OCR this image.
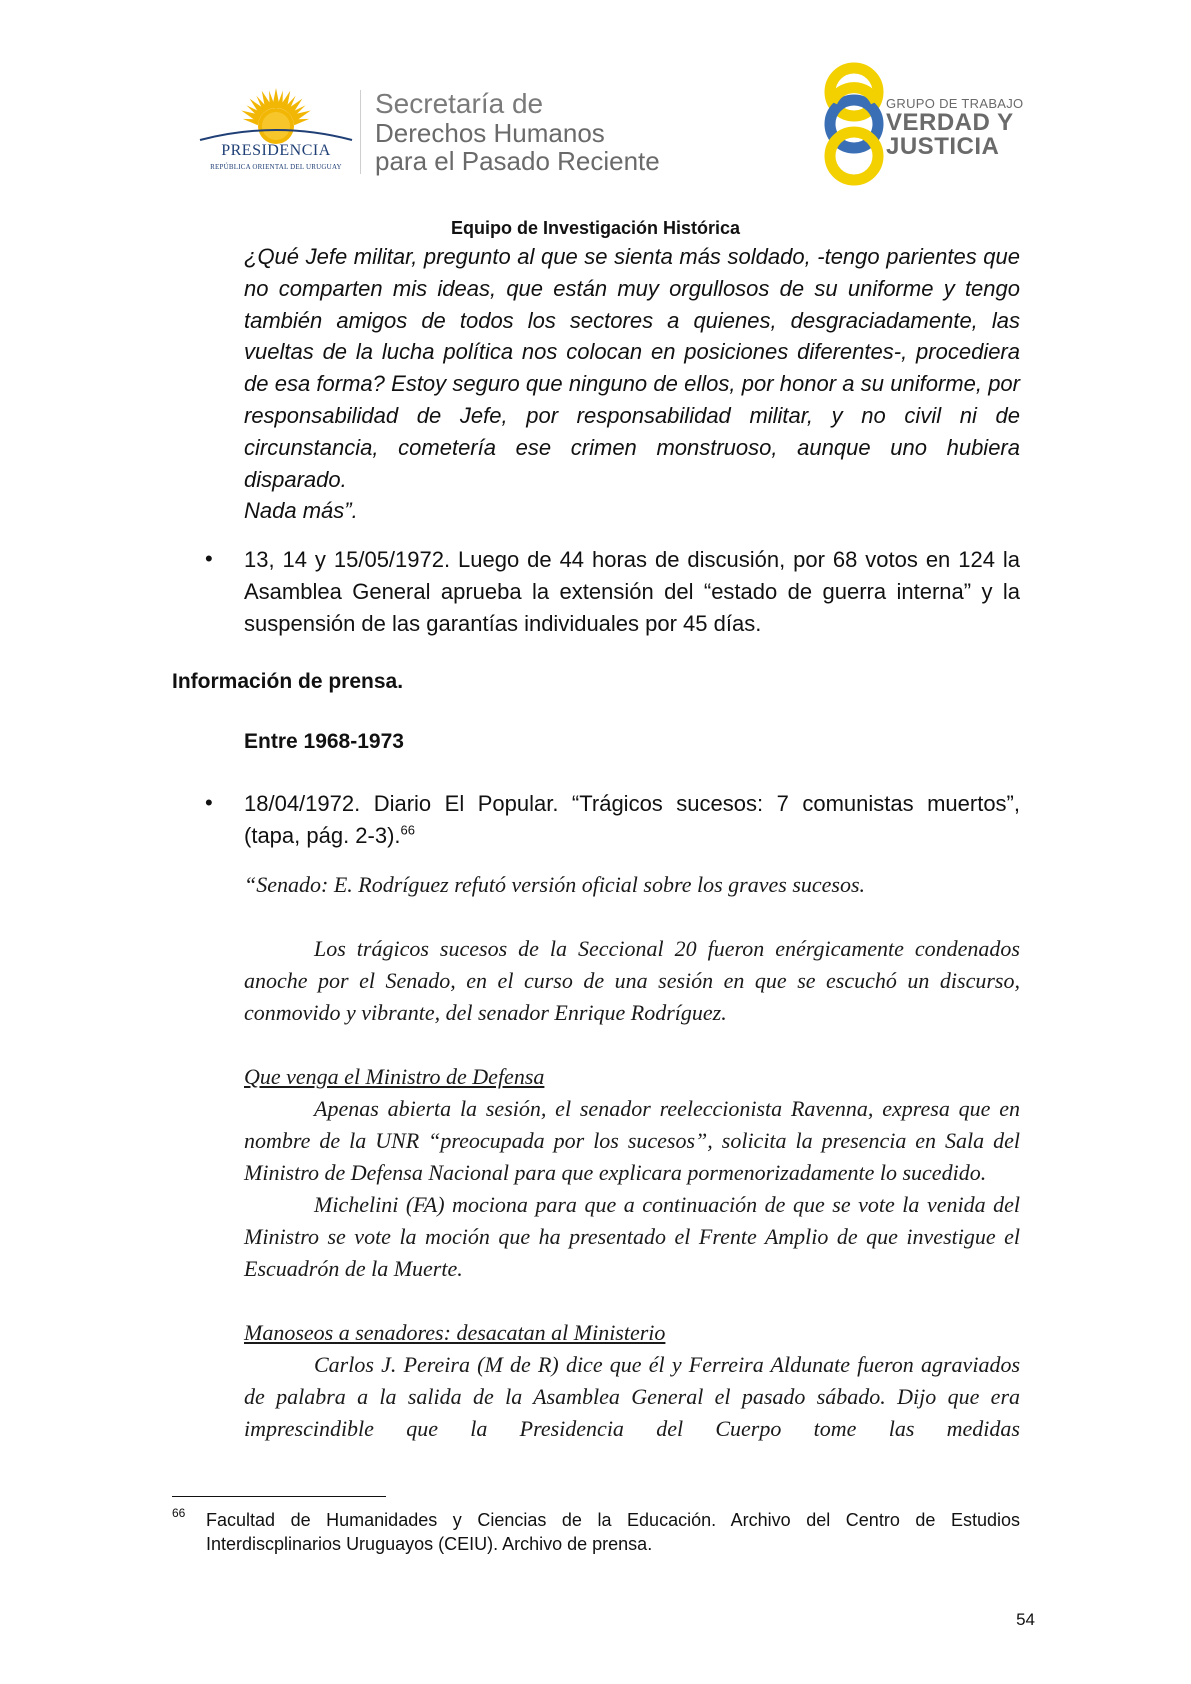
PRESIDENCIA
REPÚBLICA ORIENTAL DEL URUGUAY
Secretaría de
Derechos Humanos
para el Pasado Reciente
GRUPO DE TRABAJO
VERDAD Y
JUSTICIA
Equipo de Investigación Histórica

¿Qué Jefe militar, pregunto al que se sienta más soldado, -tengo parientes que no comparten mis ideas, que están muy orgullosos de su uniforme y tengo también amigos de todos los sectores a quienes, desgraciadamente, las vueltas de la lucha política nos colocan en posiciones diferentes-, procediera de esa forma? Estoy seguro que ninguno de ellos, por honor a su uniforme, por responsabilidad de Jefe, por responsabilidad militar, y no civil ni de circunstancia, cometería ese crimen monstruoso, aunque uno hubiera disparado.

Nada más”.

• 13, 14 y 15/05/1972. Luego de 44 horas de discusión, por 68 votos en 124 la Asamblea General aprueba la extensión del “estado de guerra interna” y la suspensión de las garantías individuales por 45 días.
Información de prensa.
Entre 1968-1973
• 18/04/1972. Diario El Popular. “Trágicos sucesos: 7 comunistas muertos”, (tapa, pág. 2-3).$^{66}$

“Senado: E. Rodríguez refutó versión oficial sobre los graves sucesos.

Los trágicos sucesos de la Seccional 20 fueron enérgicamente condenados anoche por el Senado, en el curso de una sesión en que se escuchó un discurso, conmovido y vibrante, del senador Enrique Rodríguez.

Que venga el Ministro de Defensa

Apenas abierta la sesión, el senador reeleccionista Ravenna, expresa que en nombre de la UNR “preocupada por los sucesos”, solicita la presencia en Sala del Ministro de Defensa Nacional para que explicara pormenorizadamente lo sucedido.

Michelini (FA) mociona para que a continuación de que se vote la venida del Ministro se vote la moción que ha presentado el Frente Amplio de que investigue el Escuadrón de la Muerte.

Manoseos a senadores: desacatan al Ministerio

Carlos J. Pereira (M de R) dice que él y Ferreira Aldunate fueron agraviados de palabra a la salida de la Asamblea General el pasado sábado. Dijo que era imprescindible que la Presidencia del Cuerpo tome las medidas

66 Facultad de Humanidades y Ciencias de la Educación. Archivo del Centro de Estudios Interdiscplinarios Uruguayos (CEIU). Archivo de prensa.
54
